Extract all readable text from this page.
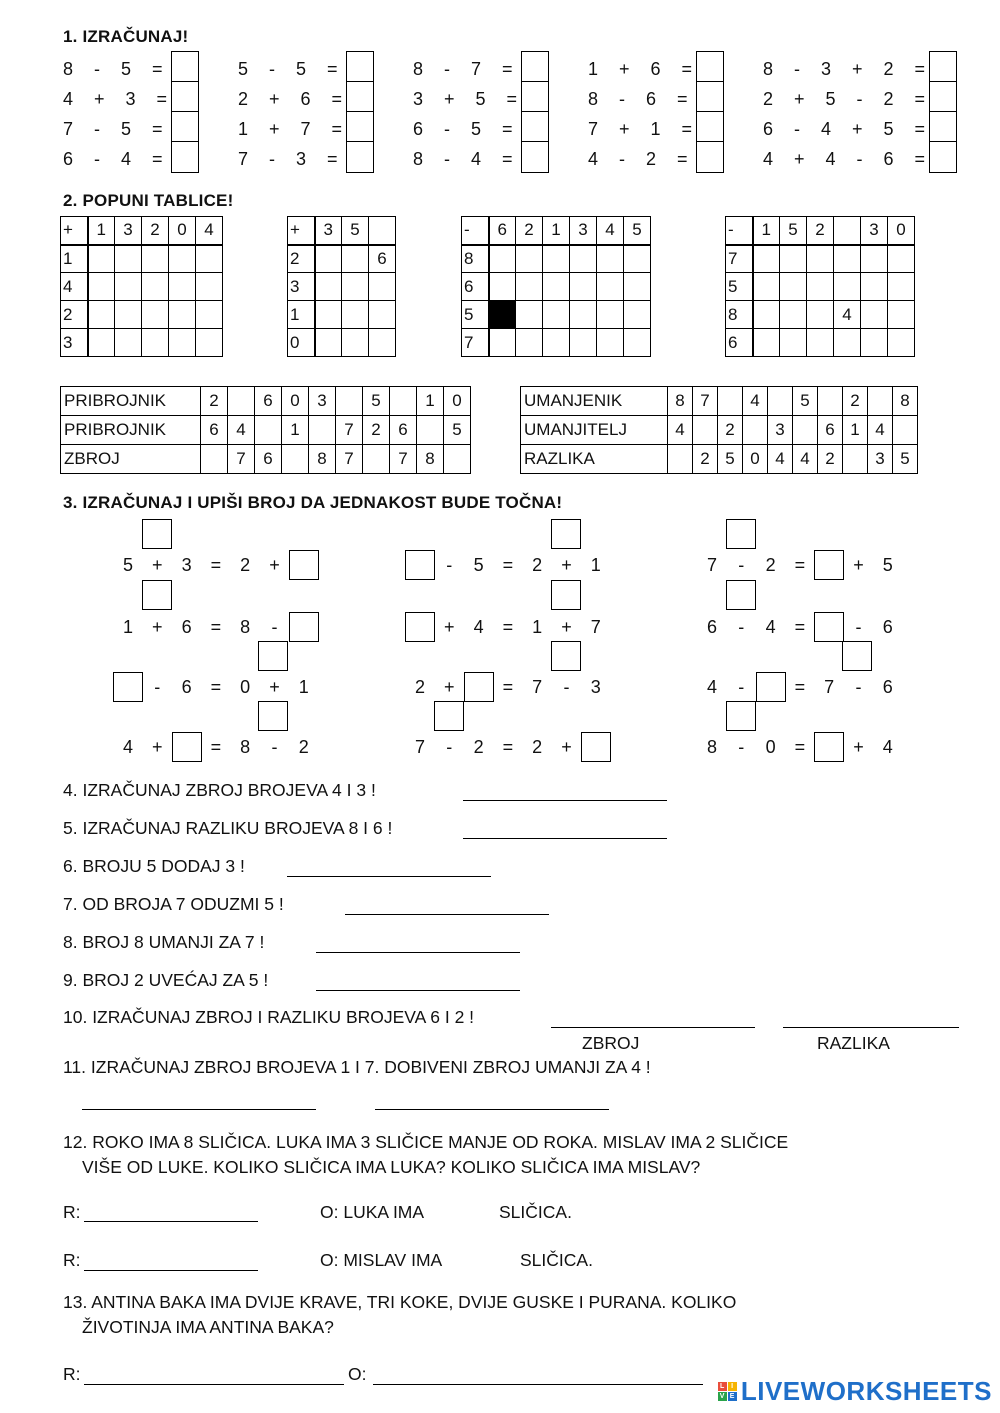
1. IZRAČUNAJ!
8 - 5 =
4 + 3 =
7 - 5 =
6 - 4 =
5 - 5 =
2 + 6 =
1 + 7 =
7 - 3 =
8 - 7 =
3 + 5 =
6 - 5 =
8 - 4 =
1 + 6 =
8 - 6 =
7 + 1 =
4 - 2 =
8 - 3 + 2 =
2 + 5 - 2 =
6 - 4 + 5 =
4 + 4 - 6 =
2. POPUNI TABLICE!
+	1	3	2	0	4
1					
4					
2					
3					
+	3	5	
2			6
3			
1			
0			
-	6	2	1	3	4	5
8						
6						
5						
7						
-	1	5	2		3	0
7						
5						
8				4		
6						
PRIBROJNIK	2		6	0	3		5		1	0
PRIBROJNIK	6	4		1		7	2	6		5
ZBROJ		7	6		8	7		7	8	
UMANJENIK	8	7		4		5		2		8
UMANJITELJ	4		2		3		6	1	4	
RAZLIKA		2	5	0	4	4	2		3	5
3. IZRAČUNAJ I UPIŠI BROJ DA JEDNAKOST BUDE TOČNA!
5	+	3	=	2	+
1	+	6	=	8	-
-	6	=	0	+	1
4	+	=	8	-	2
-	5	=	2	+	1
+	4	=	1	+	7
2	+	=	7	-	3
7	-	2	=	2	+
7	-	2	=	+	5
6	-	4	=	-	6
4	-	=	7	-	6
8	-	0	=	+	4
4. IZRAČUNAJ ZBROJ BROJEVA 4 I 3 !
5. IZRAČUNAJ RAZLIKU BROJEVA 8 I 6 !
6. BROJU 5 DODAJ 3 !
7. OD BROJA 7 ODUZMI 5 !
8. BROJ 8 UMANJI ZA 7 !
9. BROJ 2 UVEĆAJ ZA 5 !
10. IZRAČUNAJ ZBROJ I RAZLIKU BROJEVA 6 I 2 !
ZBROJ	RAZLIKA
11. IZRAČUNAJ ZBROJ BROJEVA 1 I 7. DOBIVENI ZBROJ UMANJI ZA 4 !
12. ROKO IMA 8 SLIČICA. LUKA IMA 3 SLIČICE MANJE OD ROKA. MISLAV IMA 2 SLIČICE
VIŠE OD LUKE. KOLIKO SLIČICA IMA LUKA? KOLIKO SLIČICA IMA MISLAV?
R:	O: LUKA IMA	SLIČICA.
R:	O: MISLAV IMA	SLIČICA.
13. ANTINA BAKA IMA DVIJE KRAVE, TRI KOKE, DVIJE GUSKE I PURANA. KOLIKO
ŽIVOTINJA IMA ANTINA BAKA?
R:	O:
L I
V E LIVEWORKSHEETS
